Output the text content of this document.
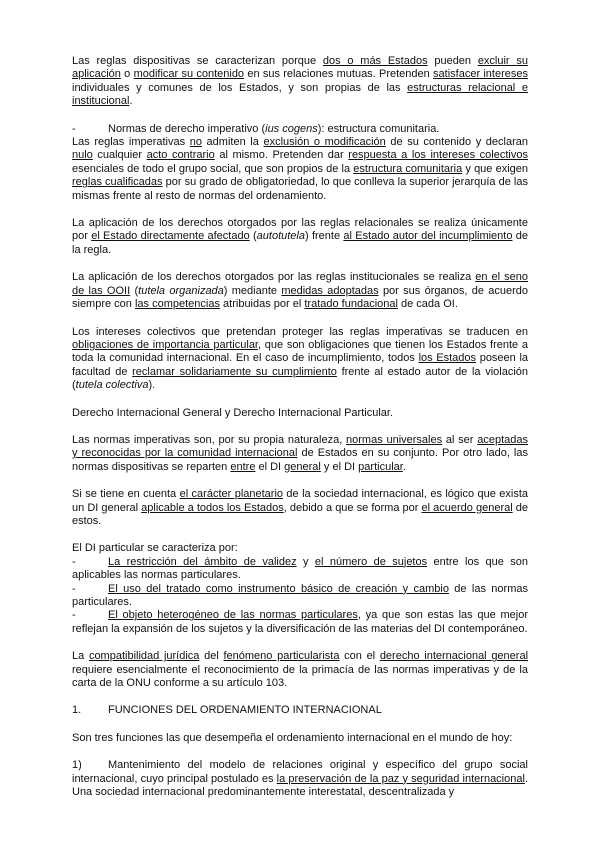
Las reglas dispositivas se caracterizan porque dos o más Estados pueden excluir su aplicación o modificar su contenido en sus relaciones mutuas. Pretenden satisfacer intereses individuales y comunes de los Estados, y son propias de las estructuras relacional e institucional.

-	Normas de derecho imperativo (ius cogens): estructura comunitaria.

Las reglas imperativas no admiten la exclusión o modificación de su contenido y declaran nulo cualquier acto contrario al mismo. Pretenden dar respuesta a los intereses colectivos esenciales de todo el grupo social, que son propios de la estructura comunitaria y que exigen reglas cualificadas por su grado de obligatoriedad, lo que conlleva la superior jerarquía de las mismas frente al resto de normas del ordenamiento.

La aplicación de los derechos otorgados por las reglas relacionales se realiza únicamente por el Estado directamente afectado (autotutela) frente al Estado autor del incumplimiento de la regla.

La aplicación de los derechos otorgados por las reglas institucionales se realiza en el seno de las OOII (tutela organizada) mediante medidas adoptadas por sus órganos, de acuerdo siempre con las competencias atribuidas por el tratado fundacional de cada OI.

Los intereses colectivos que pretendan proteger las reglas imperativas se traducen en obligaciones de importancia particular, que son obligaciones que tienen los Estados frente a toda la comunidad internacional. En el caso de incumplimiento, todos los Estados poseen la facultad de reclamar solidariamente su cumplimiento frente al estado autor de la violación (tutela colectiva).

Derecho Internacional General y Derecho Internacional Particular.

Las normas imperativas son, por su propia naturaleza, normas universales al ser aceptadas y reconocidas por la comunidad internacional de Estados en su conjunto. Por otro lado, las normas dispositivas se reparten entre el DI general y el DI particular.

Si se tiene en cuenta el carácter planetario de la sociedad internacional, es lógico que exista un DI general aplicable a todos los Estados, debido a que se forma por el acuerdo general de estos.

El DI particular se caracteriza por:
-	La restricción del ámbito de validez y el número de sujetos entre los que son aplicables las normas particulares.
-	El uso del tratado como instrumento básico de creación y cambio de las normas particulares.
-	El objeto heterogéneo de las normas particulares, ya que son estas las que mejor reflejan la expansión de los sujetos y la diversificación de las materias del DI contemporáneo.

La compatibilidad jurídica del fenómeno particularista con el derecho internacional general requiere esencialmente el reconocimiento de la primacía de las normas imperativas y de la carta de la ONU conforme a su artículo 103.

1. FUNCIONES DEL ORDENAMIENTO INTERNACIONAL

Son tres funciones las que desempeña el ordenamiento internacional en el mundo de hoy:

1) Mantenimiento del modelo de relaciones original y específico del grupo social internacional, cuyo principal postulado es la preservación de la paz y seguridad internacional. Una sociedad internacional predominantemente interestatal, descentralizada y
